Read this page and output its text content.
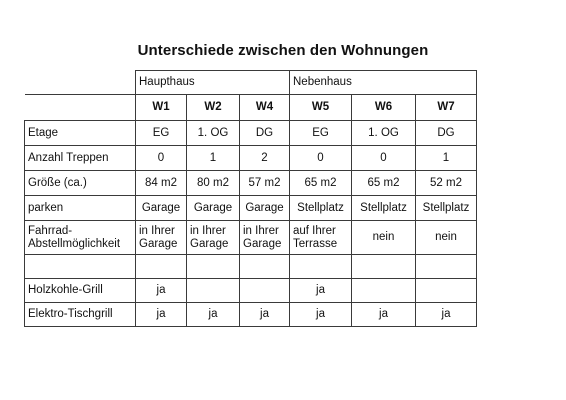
Unterschiede zwischen den Wohnungen
	Haupthaus			Nebenhaus		
	W1	W2	W4	W5	W6	W7
Etage	EG	1. OG	DG	EG	1. OG	DG
Anzahl Treppen	0	1	2	0	0	1
Größe (ca.)	84 m2	80 m2	57 m2	65 m2	65 m2	52 m2
parken	Garage	Garage	Garage	Stellplatz	Stellplatz	Stellplatz
Fahrrad-Abstellmöglichkeit	in Ihrer Garage	in Ihrer Garage	in Ihrer Garage	auf Ihrer Terrasse	nein	nein

Holzkohle-Grill	ja			ja		
Elektro-Tischgrill	ja	ja	ja	ja	ja	ja
